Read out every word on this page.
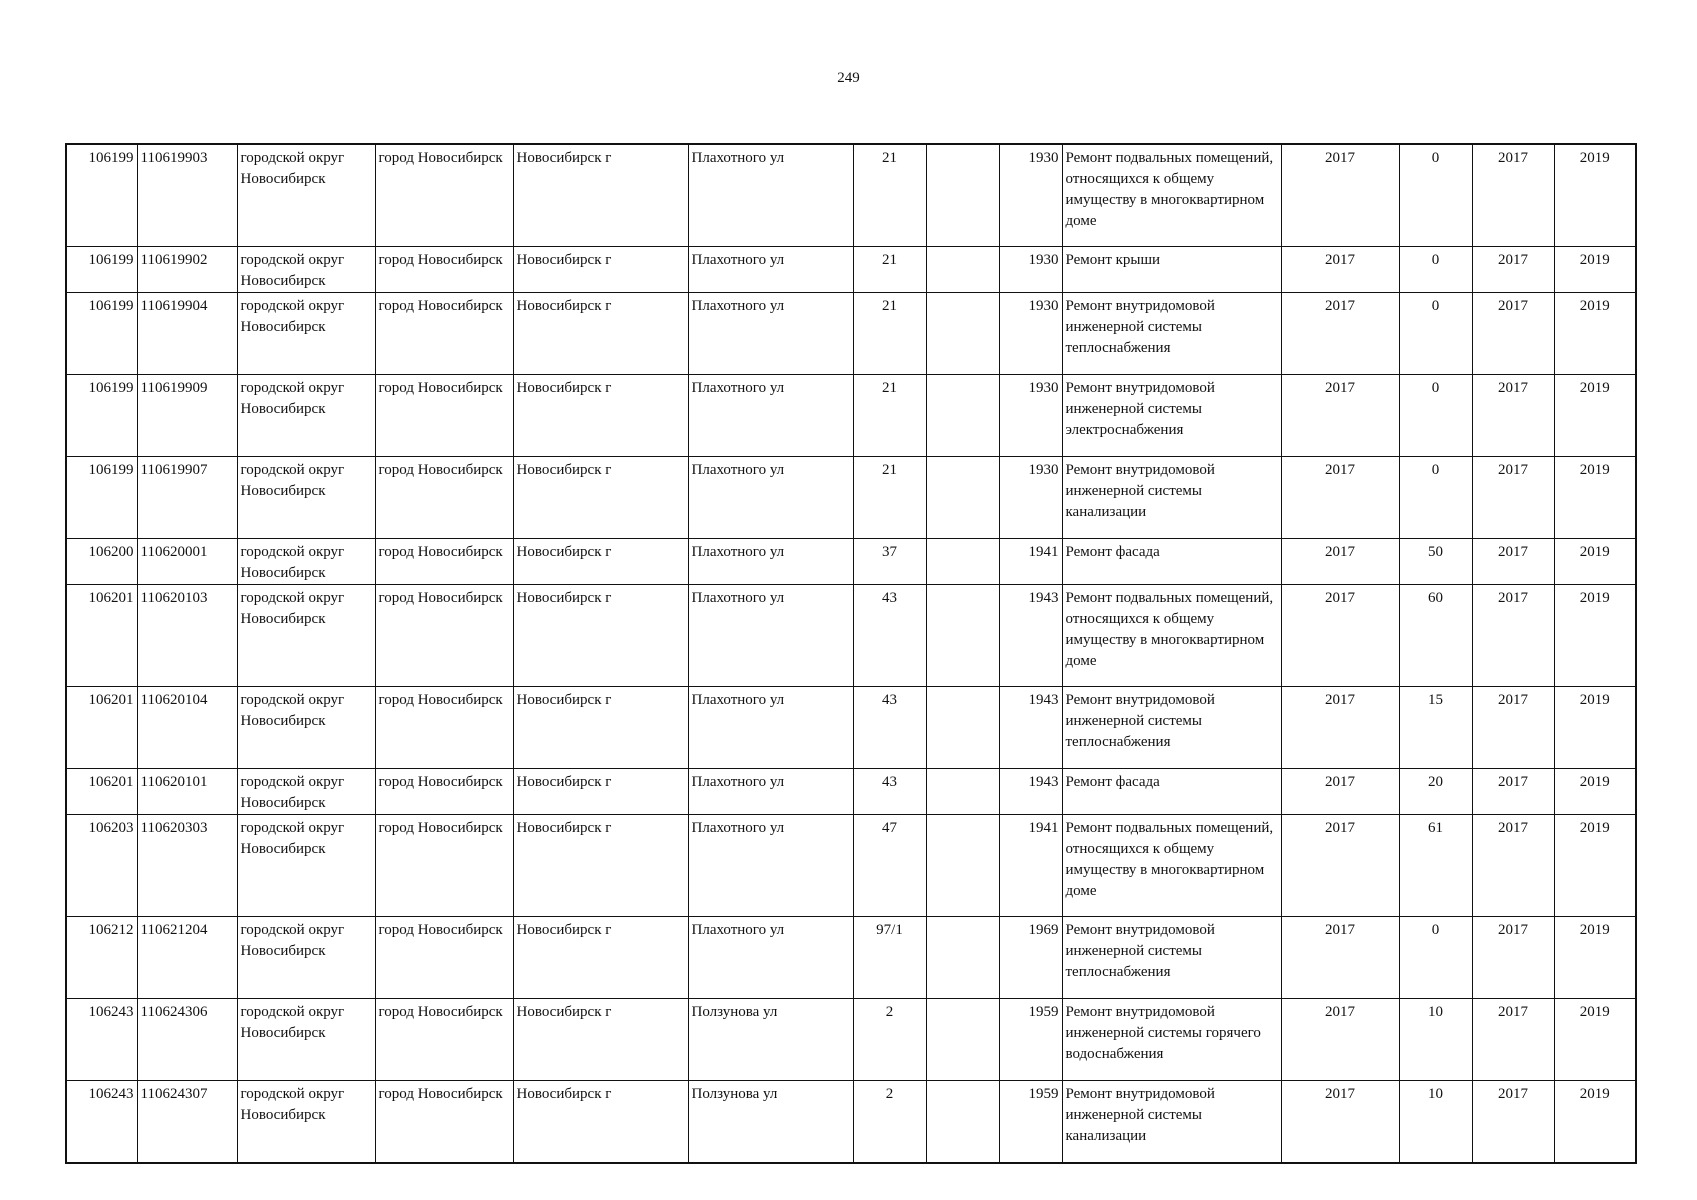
249
106199	110619903	городской округ Новосибирск	город Новосибирск	Новосибирск г	Плахотного ул	21		1930	Ремонт подвальных помещений, относящихся к общему имуществу в многоквартирном доме	2017	0	2017	2019
106199	110619902	городской округ Новосибирск	город Новосибирск	Новосибирск г	Плахотного ул	21		1930	Ремонт крыши	2017	0	2017	2019
106199	110619904	городской округ Новосибирск	город Новосибирск	Новосибирск г	Плахотного ул	21		1930	Ремонт внутридомовой инженерной системы теплоснабжения	2017	0	2017	2019
106199	110619909	городской округ Новосибирск	город Новосибирск	Новосибирск г	Плахотного ул	21		1930	Ремонт внутридомовой инженерной системы электроснабжения	2017	0	2017	2019
106199	110619907	городской округ Новосибирск	город Новосибирск	Новосибирск г	Плахотного ул	21		1930	Ремонт внутридомовой инженерной системы канализации	2017	0	2017	2019
106200	110620001	городской округ Новосибирск	город Новосибирск	Новосибирск г	Плахотного ул	37		1941	Ремонт фасада	2017	50	2017	2019
106201	110620103	городской округ Новосибирск	город Новосибирск	Новосибирск г	Плахотного ул	43		1943	Ремонт подвальных помещений, относящихся к общему имуществу в многоквартирном доме	2017	60	2017	2019
106201	110620104	городской округ Новосибирск	город Новосибирск	Новосибирск г	Плахотного ул	43		1943	Ремонт внутридомовой инженерной системы теплоснабжения	2017	15	2017	2019
106201	110620101	городской округ Новосибирск	город Новосибирск	Новосибирск г	Плахотного ул	43		1943	Ремонт фасада	2017	20	2017	2019
106203	110620303	городской округ Новосибирск	город Новосибирск	Новосибирск г	Плахотного ул	47		1941	Ремонт подвальных помещений, относящихся к общему имуществу в многоквартирном доме	2017	61	2017	2019
106212	110621204	городской округ Новосибирск	город Новосибирск	Новосибирск г	Плахотного ул	97/1		1969	Ремонт внутридомовой инженерной системы теплоснабжения	2017	0	2017	2019
106243	110624306	городской округ Новосибирск	город Новосибирск	Новосибирск г	Ползунова ул	2		1959	Ремонт внутридомовой инженерной системы горячего водоснабжения	2017	10	2017	2019
106243	110624307	городской округ Новосибирск	город Новосибирск	Новосибирск г	Ползунова ул	2		1959	Ремонт внутридомовой инженерной системы канализации	2017	10	2017	2019
